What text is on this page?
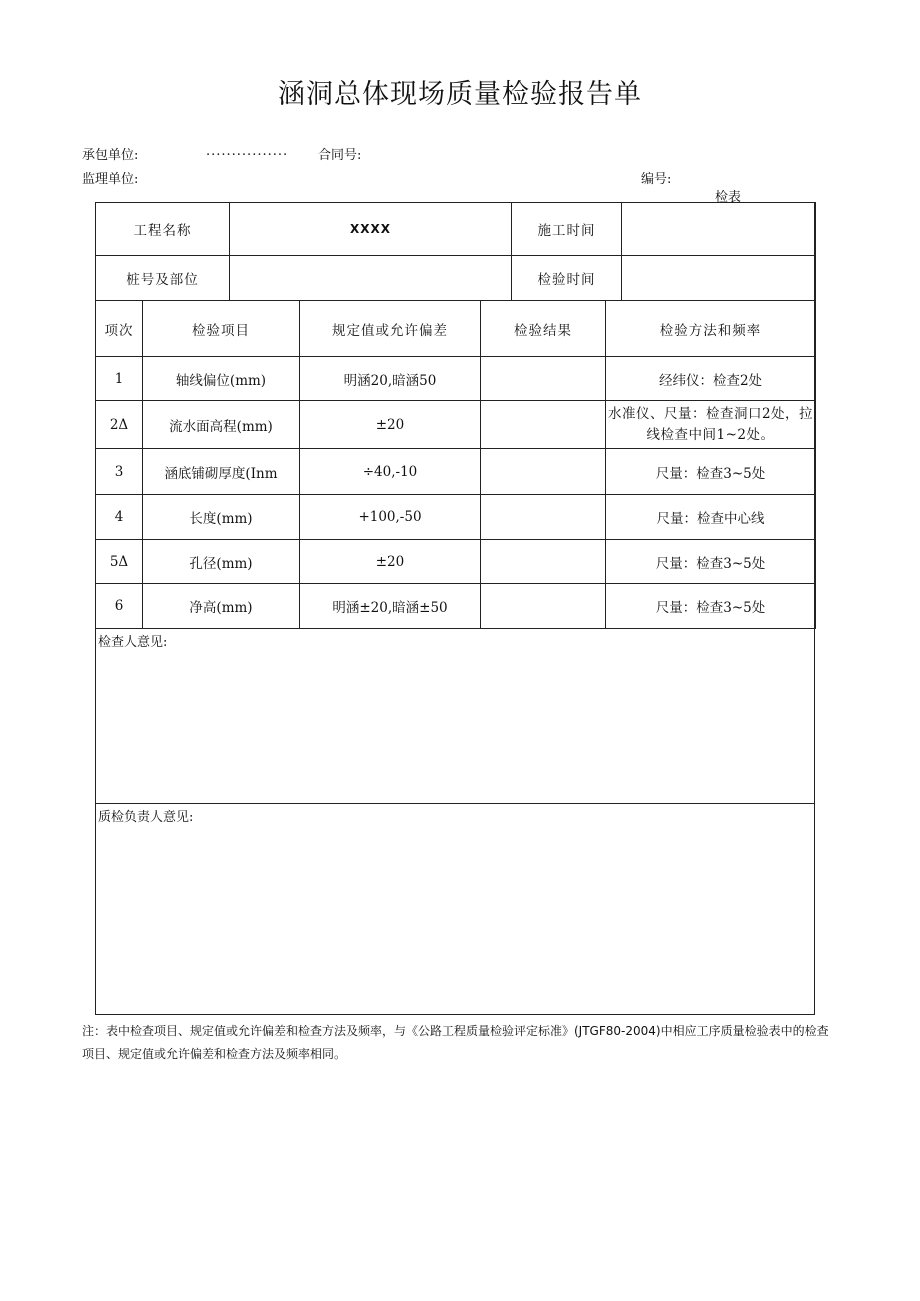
涵洞总体现场质量检验报告单
承包单位:	................ 合同号:
监理单位:	编号:
检表
工程名称	XXXX	施工时间	
桩号及部位		检验时间	
项次	检验项目	规定值或允许偏差	检验结果	检验方法和频率
1	轴线偏位(mm)	明涵20,暗涵50		经纬仪：检查2处
2Δ	流水面高程(mm)	±20		水准仪、尺量：检查洞口2处，拉线检查中间1~2处。
3	涵底铺砌厚度(Inm	÷40,-10		尺量：检查3~5处
4	长度(mm)	+100,-50		尺量：检查中心线
5Δ	孔径(mm)	±20		尺量：检查3~5处
6	净高(mm)	明涵±20,暗涵±50		尺量：检查3~5处
检查人意见:
质检负责人意见:
注：表中检查项目、规定值或允许偏差和检查方法及频率，与《公路工程质量检验评定标准》(JTGF80-2004)中相应工序质量检验表中的检查项目、规定值或允许偏差和检查方法及频率相同。
